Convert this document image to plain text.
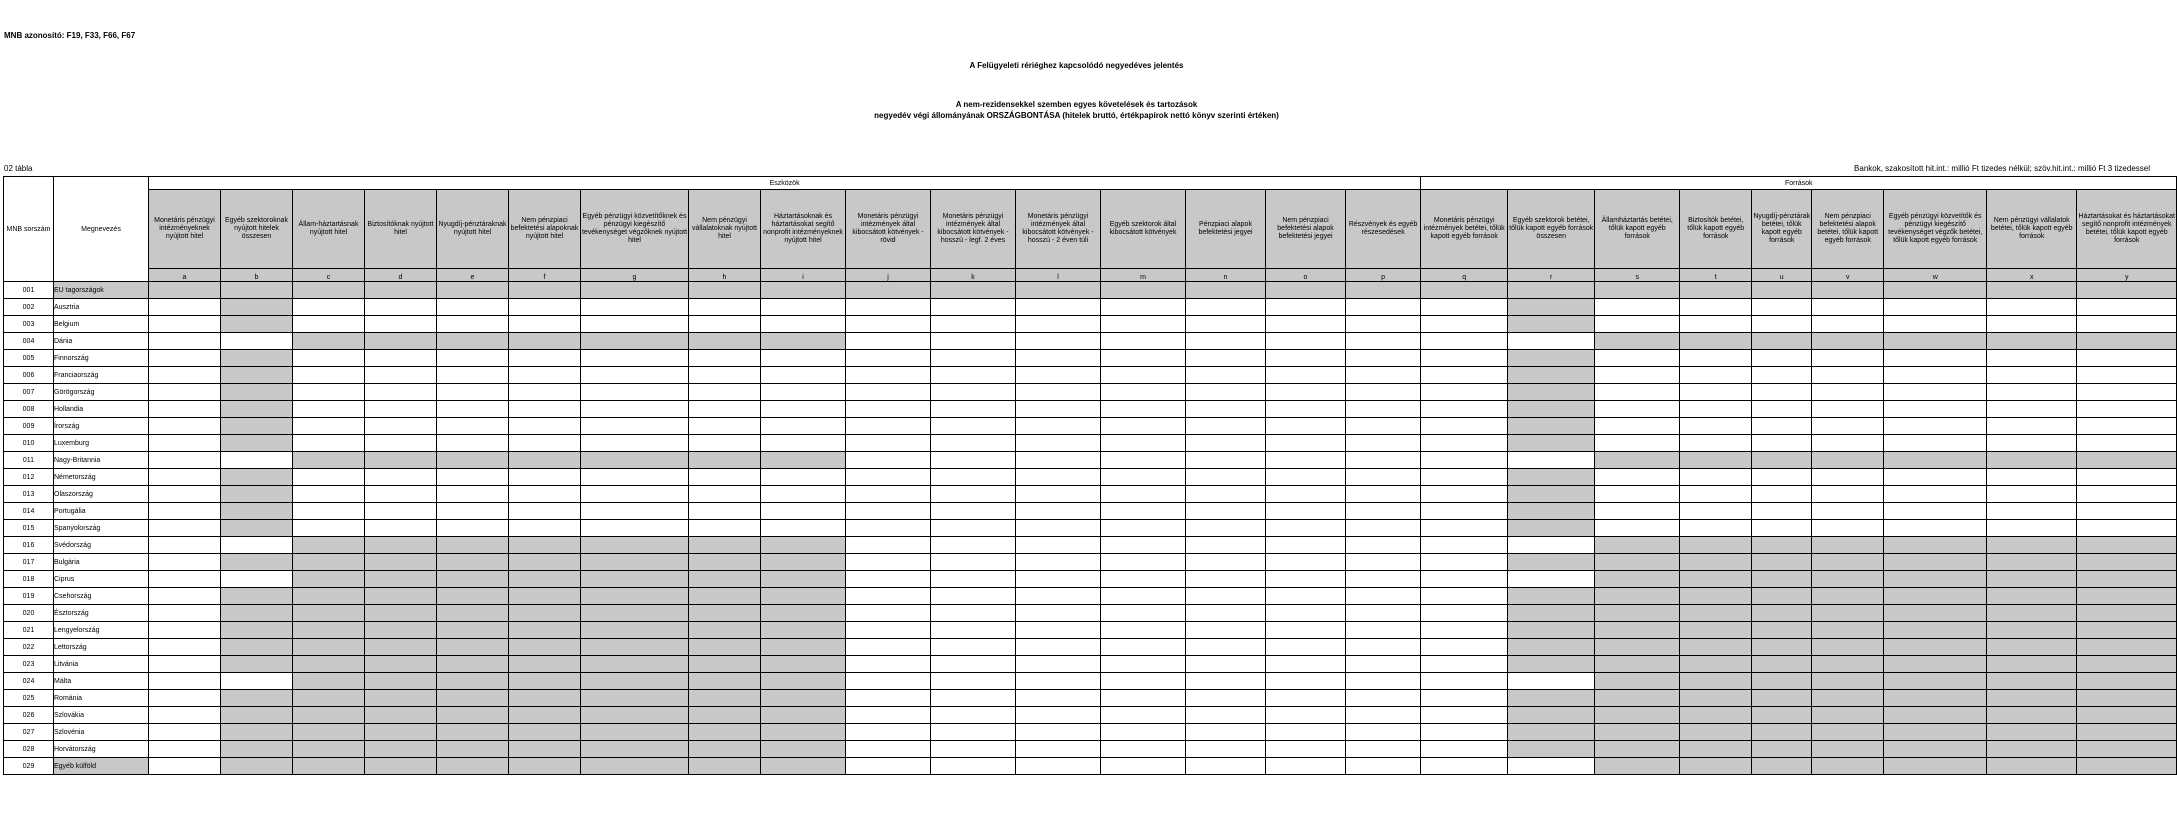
MNB azonosító: F19, F33, F66, F67
A Felügyeleti rériéghez kapcsolódó negyedéves jelentés
A nem-rezidensekkel szemben egyes követelések és tartozások
negyedév végi állományának ORSZÁGBONTÁSA (hitelek bruttó, értékpapírok nettó könyv szerinti értéken)
02 tábla	Bankok, szakosított hit.int.: millió Ft tizedes nélkül; szöv.hit.int.: millió Ft 3 tizedessel
MNB sorszám	Megnevezés	Eszközök																Források								
		Monetáris pénzügyi intézményeknek nyújtott hitel	Egyéb szektoroknak nyújtott hitelek összesen	Állam-háztartásnak nyújtott hitel	Biztosítóknak nyújtott hitel	Nyugdíj-pénztáraknak nyújtott hitel	Nem pénzpiaci befektetési alapoknak nyújtott hitel	Egyéb pénzügyi közvetítőknek és pénzügyi kiegészítő tevékenységet végzőknek nyújtott hitel	Nem pénzügyi vállalatoknak nyújtott hitel	Háztartásoknak és háztartásokat segítő nonprofit intézményeknek nyújtott hitel	Monetáris pénzügyi intézmények által kibocsátott kötvények - rövid	Monetáris pénzügyi intézmények által kibocsátott kötvények - hosszú - legf. 2 éves	Monetáris pénzügyi intézmények által kibocsátott kötvények - hosszú - 2 éven túli	Egyéb szektorok által kibocsátott kötvények	Pénzpiaci alapok befektetési jegyei	Nem pénzpiaci befektetési alapok befektetési jegyei	Részvények és egyéb részesedések	Monetáris pénzügyi intézmények betétei, tőlük kapott egyéb források	Egyéb szektorok betétei, tőlük kapott egyéb források összesen	Államháztartás betétei, tőlük kapott egyéb források	Biztosítók betétei, tőlük kapott egyéb források	Nyugdíj-pénztárak betétei, tőlük kapott egyéb források	Nem pénzpiaci befektetési alapok betétei, tőlük kapott egyéb források	Egyéb pénzügyi közvetítők és pénzügyi kiegészítő tevékenységet végzők betétei, tőlük kapott egyéb források	Nem pénzügyi vállalatok betétei, tőlük kapott egyéb források	Háztartásokat és háztartásokat segítő nonprofit intézmények betétei, tőlük kapott egyéb források
		a	b	c	d	e	f	g	h	i	j	k	l	m	n	o	p	q	r	s	t	u	v	w	x	y
001	EU tagországok																									
002	Ausztria																									
003	Belgium																									
004	Dánia																									
005	Finnország																									
006	Franciaország																									
007	Görögország																									
008	Hollandia																									
009	Írország																									
010	Luxemburg																									
011	Nagy-Britannia																									
012	Németország																									
013	Olaszország																									
014	Portugália																									
015	Spanyolország																									
016	Svédország																									
017	Bulgária																									
018	Ciprus																									
019	Csehország																									
020	Észtország																									
021	Lengyelország																									
022	Lettország																									
023	Litvánia																									
024	Málta																									
025	Románia																									
026	Szlovákia																									
027	Szlovénia																									
028	Horvátország																									
029	Egyéb külföld																									
